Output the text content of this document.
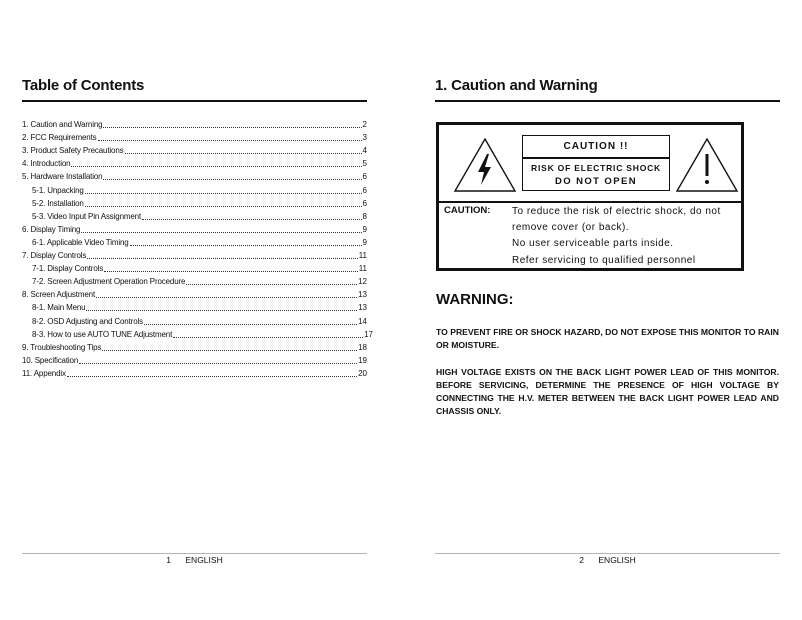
Table of Contents
1. Caution and Warning	2
2. FCC Requirements	3
3. Product Safety Precautions	4
4. Introduction	5
5. Hardware Installation	6
5-1. Unpacking	6
5-2. Installation	6
5-3. Video Input Pin Assignment	8
6. Display Timing	9
6-1. Applicable Video Timing	9
7. Display Controls	11
7-1. Display Controls	11
7-2. Screen Adjustment Operation Procedure	12
8. Screen Adjustment	13
8-1. Main Menu	13
8-2. OSD Adjusting and Controls	14
8-3. How to use AUTO TUNE Adjustment	17
9. Troubleshooting Tips	18
10. Specification	19
11. Appendix	20
1 ENGLISH
1. Caution and Warning
CAUTION !!
RISK OF ELECTRIC SHOCK
DO NOT OPEN
CAUTION: To reduce the risk of electric shock, do not
remove cover (or back).
No user serviceable parts inside.
Refer servicing to qualified personnel
WARNING:

TO PREVENT FIRE OR SHOCK HAZARD, DO NOT EXPOSE THIS MONITOR TO RAIN OR MOISTURE.

HIGH VOLTAGE EXISTS ON THE BACK LIGHT POWER LEAD OF THIS MONITOR. BEFORE SERVICING, DETERMINE THE PRESENCE OF HIGH VOLTAGE BY CONNECTING THE H.V. METER BETWEEN THE BACK LIGHT POWER LEAD AND CHASSIS ONLY.

2 ENGLISH
